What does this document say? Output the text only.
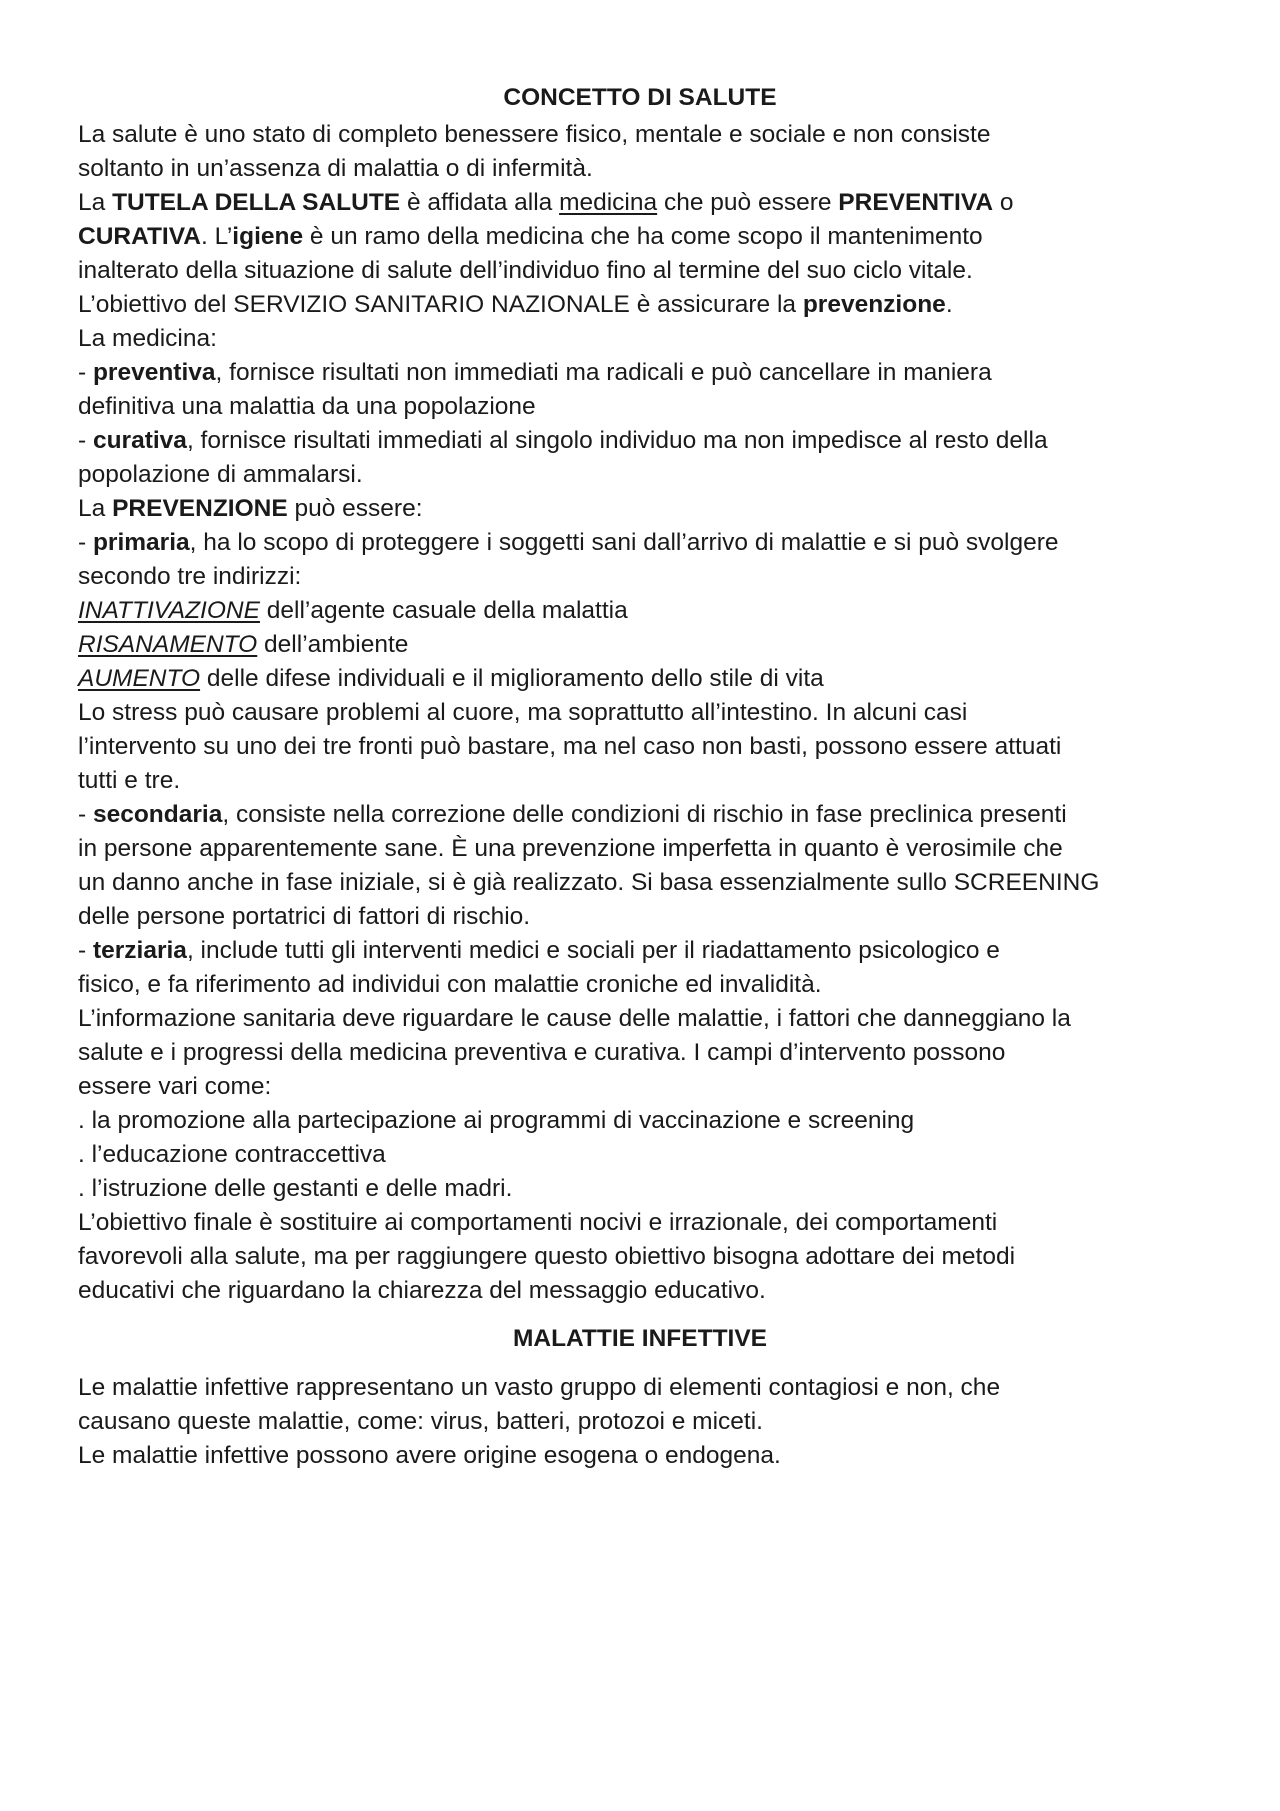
CONCETTO DI SALUTE
La salute è uno stato di completo benessere fisico, mentale e sociale e non consiste
soltanto in un’assenza di malattia o di infermità.
La TUTELA DELLA SALUTE è affidata alla medicina che può essere PREVENTIVA o
CURATIVA. L’igiene è un ramo della medicina che ha come scopo il mantenimento
inalterato della situazione di salute dell’individuo fino al termine del suo ciclo vitale.
L’obiettivo del SERVIZIO SANITARIO NAZIONALE è assicurare la prevenzione.
La medicina:
- preventiva, fornisce risultati non immediati ma radicali e può cancellare in maniera
definitiva una malattia da una popolazione
- curativa, fornisce risultati immediati al singolo individuo ma non impedisce al resto della
popolazione di ammalarsi.
La PREVENZIONE può essere:
- primaria, ha lo scopo di proteggere i soggetti sani dall’arrivo di malattie e si può svolgere
secondo tre indirizzi:
INATTIVAZIONE dell’agente casuale della malattia
RISANAMENTO dell’ambiente
AUMENTO delle difese individuali e il miglioramento dello stile di vita
Lo stress può causare problemi al cuore, ma soprattutto all’intestino. In alcuni casi
l’intervento su uno dei tre fronti può bastare, ma nel caso non basti, possono essere attuati
tutti e tre.
- secondaria, consiste nella correzione delle condizioni di rischio in fase preclinica presenti
in persone apparentemente sane. È una prevenzione imperfetta in quanto è verosimile che
un danno anche in fase iniziale, si è già realizzato. Si basa essenzialmente sullo SCREENING
delle persone portatrici di fattori di rischio.
- terziaria, include tutti gli interventi medici e sociali per il riadattamento psicologico e
fisico, e fa riferimento ad individui con malattie croniche ed invalidità.
L’informazione sanitaria deve riguardare le cause delle malattie, i fattori che danneggiano la
salute e i progressi della medicina preventiva e curativa. I campi d’intervento possono
essere vari come:
. la promozione alla partecipazione ai programmi di vaccinazione e screening
. l’educazione contraccettiva
. l’istruzione delle gestanti e delle madri.
L’obiettivo finale è sostituire ai comportamenti nocivi e irrazionale, dei comportamenti
favorevoli alla salute, ma per raggiungere questo obiettivo bisogna adottare dei metodi
educativi che riguardano la chiarezza del messaggio educativo.
MALATTIE INFETTIVE
Le malattie infettive rappresentano un vasto gruppo di elementi contagiosi e non, che
causano queste malattie, come: virus, batteri, protozoi e miceti.
Le malattie infettive possono avere origine esogena o endogena.
